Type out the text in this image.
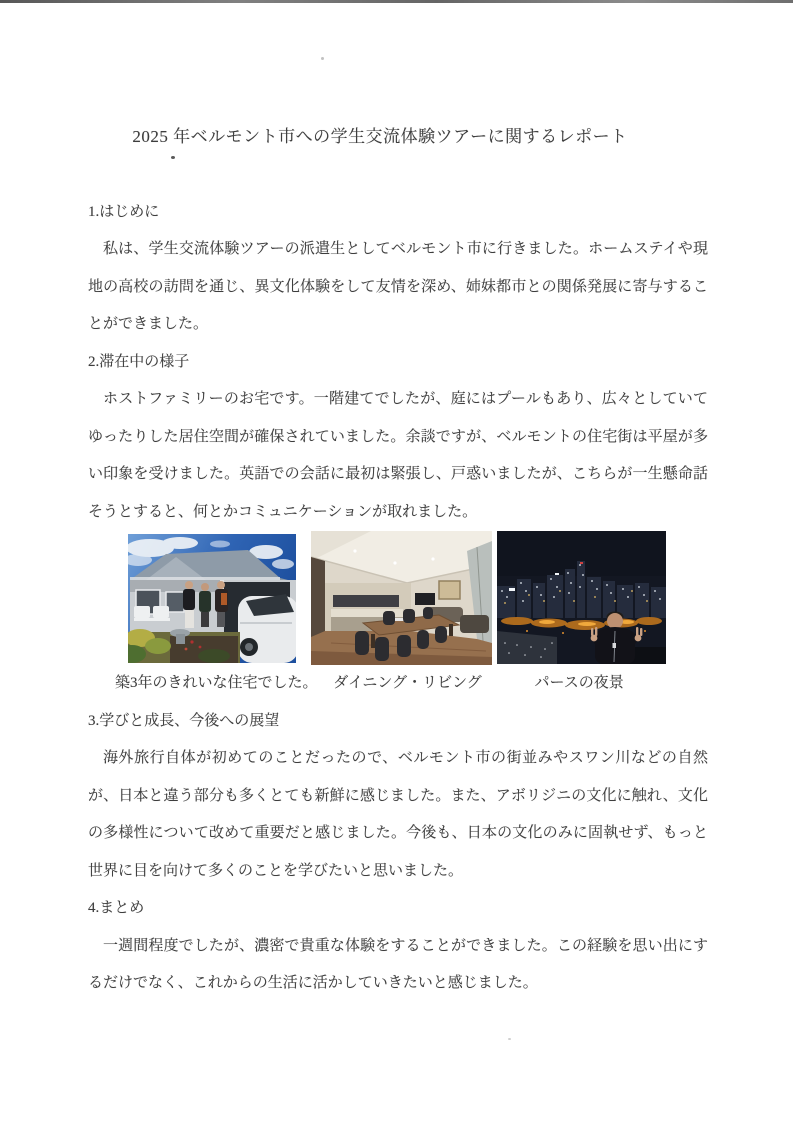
2025 年ベルモント市への学生交流体験ツアーに関するレポート
1.はじめに

私は、学生交流体験ツアーの派遣生としてベルモント市に行きました。ホームステイや現地の高校の訪問を通じ、異文化体験をして友情を深め、姉妹都市との関係発展に寄与することができました。

2.滞在中の様子

ホストファミリーのお宅です。一階建てでしたが、庭にはプールもあり、広々としていてゆったりした居住空間が確保されていました。余談ですが、ベルモントの住宅街は平屋が多い印象を受けました。英語での会話に最初は緊張し、戸惑いましたが、こちらが一生懸命話そうとすると、何とかコミュニケーションが取れました。

築3年のきれいな住宅でした。 ダイニング・リビング	パースの夜景
3.学びと成長、今後への展望

海外旅行自体が初めてのことだったので、ベルモント市の街並みやスワン川などの自然が、日本と違う部分も多くとても新鮮に感じました。また、アボリジニの文化に触れ、文化の多様性について改めて重要だと感じました。今後も、日本の文化のみに固執せず、もっと世界に目を向けて多くのことを学びたいと思いました。

4.まとめ

一週間程度でしたが、濃密で貴重な体験をすることができました。この経験を思い出にするだけでなく、これからの生活に活かしていきたいと感じました。
